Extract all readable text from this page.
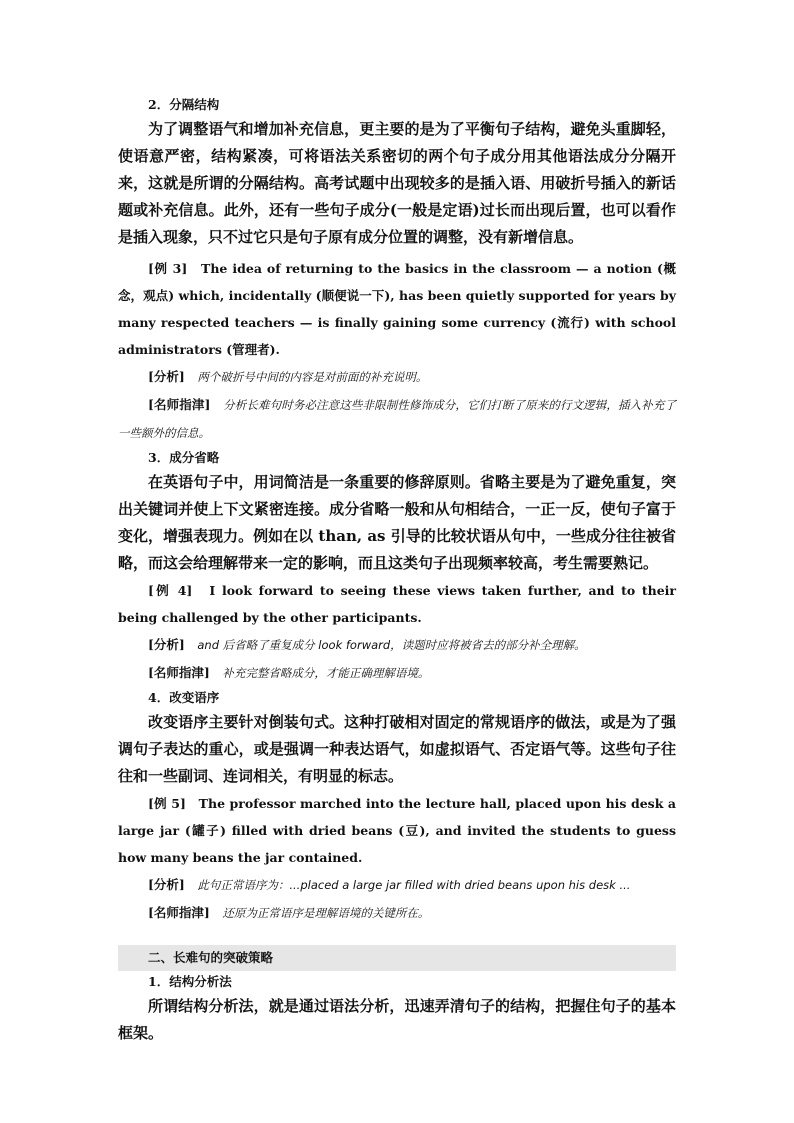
2．分隔结构

为了调整语气和增加补充信息，更主要的是为了平衡句子结构，避免头重脚轻，使语意严密，结构紧凑，可将语法关系密切的两个句子成分用其他语法成分分隔开来，这就是所谓的分隔结构。高考试题中出现较多的是插入语、用破折号插入的新话题或补充信息。此外，还有一些句子成分(一般是定语)过长而出现后置，也可以看作是插入现象，只不过它只是句子原有成分位置的调整，没有新增信息。

[例 3]　The idea of returning to the basics in the classroom — a notion (概念，观点) which, incidentally (顺便说一下), has been quietly supported for years by many respected teachers — is finally gaining some currency (流行) with school administrators (管理者).

[分析]　 两个破折号中间的内容是对前面的补充说明。

[名师指津]　 分析长难句时务必注意这些非限制性修饰成分，它们打断了原来的行文逻辑，插入补充了一些额外的信息。

3．成分省略

在英语句子中，用词简洁是一条重要的修辞原则。省略主要是为了避免重复，突出关键词并使上下文紧密连接。成分省略一般和从句相结合，一正一反，使句子富于变化，增强表现力。例如在以 than, as 引导的比较状语从句中，一些成分往往被省略，而这会给理解带来一定的影响，而且这类句子出现频率较高，考生需要熟记。

[例 4]　I look forward to seeing these views taken further, and to their being challenged by the other participants.

[分析]　 and 后省略了重复成分 look forward，读题时应将被省去的部分补全理解。

[名师指津]　 补充完整省略成分，才能正确理解语境。

4．改变语序

改变语序主要针对倒装句式。这种打破相对固定的常规语序的做法，或是为了强调句子表达的重心，或是强调一种表达语气，如虚拟语气、否定语气等。这些句子往往和一些副词、连词相关，有明显的标志。

[例 5]　The professor marched into the lecture hall, placed upon his desk a large jar (罐子) filled with dried beans (豆), and invited the students to guess how many beans the jar contained.

[分析]　 此句正常语序为：...placed a large jar filled with dried beans upon his desk ...

[名师指津]　 还原为正常语序是理解语境的关键所在。

二、长难句的突破策略
1．结构分析法

所谓结构分析法，就是通过语法分析，迅速弄清句子的结构，把握住句子的基本框架。
